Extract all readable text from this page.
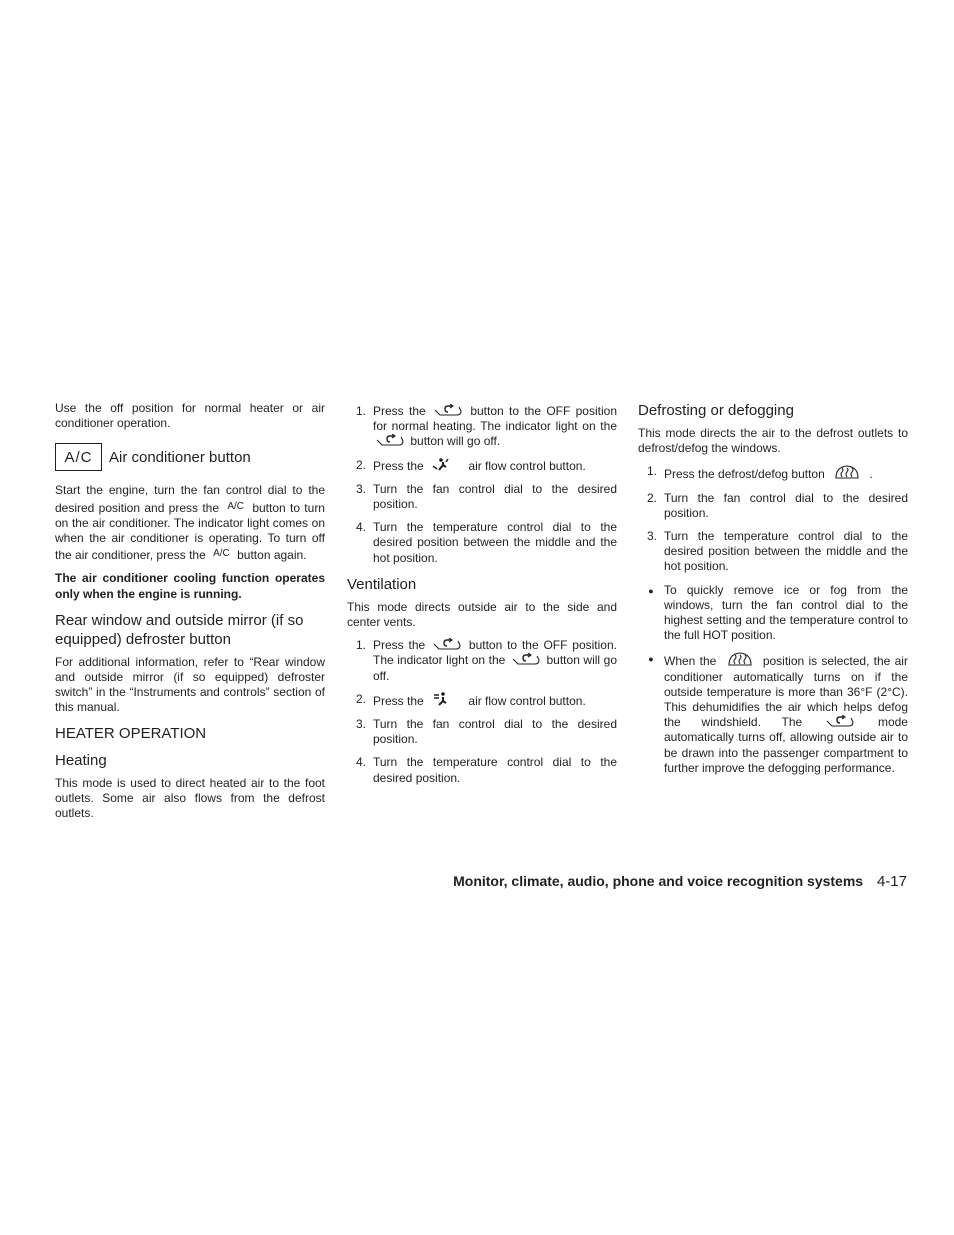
Use the off position for normal heater or air conditioner operation.

A/C	Air conditioner button

Start the engine, turn the fan control dial to the desired position and press the $^{A/C}$ button to turn on the air conditioner. The indicator light comes on when the air conditioner is operating. To turn off the air conditioner, press the $^{A/C}$ button again.

The air conditioner cooling function operates only when the engine is running.

Rear window and outside mirror (if so equipped) defroster button

For additional information, refer to “Rear window and outside mirror (if so equipped) defroster switch” in the “Instruments and controls” section of this manual.

HEATER OPERATION
Heating

This mode is used to direct heated air to the foot outlets. Some air also flows from the defrost outlets.

1. Press the	button to the OFF position for normal heating. The indicator light on the  button will go off.
2. Press the	air flow control button.
3. Turn the fan control dial to the desired position.
4. Turn the temperature control dial to the desired position between the middle and the hot position.
Ventilation

This mode directs outside air to the side and center vents.

1. Press the	button to the OFF position. The indicator light on the	button will go off.
2. Press the	air flow control button.
3. Turn the fan control dial to the desired position.
4. Turn the temperature control dial to the desired position.
Defrosting or defogging

This mode directs the air to the defrost outlets to defrost/defog the windows.

1. Press the defrost/defog button	.
2. Turn the fan control dial to the desired position.
3. Turn the temperature control dial to the desired position between the middle and the hot position.
● To quickly remove ice or fog from the windows, turn the fan control dial to the highest setting and the temperature control to the full HOT position.
● When the	position is selected, the air conditioner automatically turns on if the outside temperature is more than 36°F (2°C). This dehumidifies the air which helps defog the windshield. The	mode automatically turns off, allowing outside air to be drawn into the passenger compartment to further improve the defogging performance.
Monitor, climate, audio, phone and voice recognition systems 4-17
